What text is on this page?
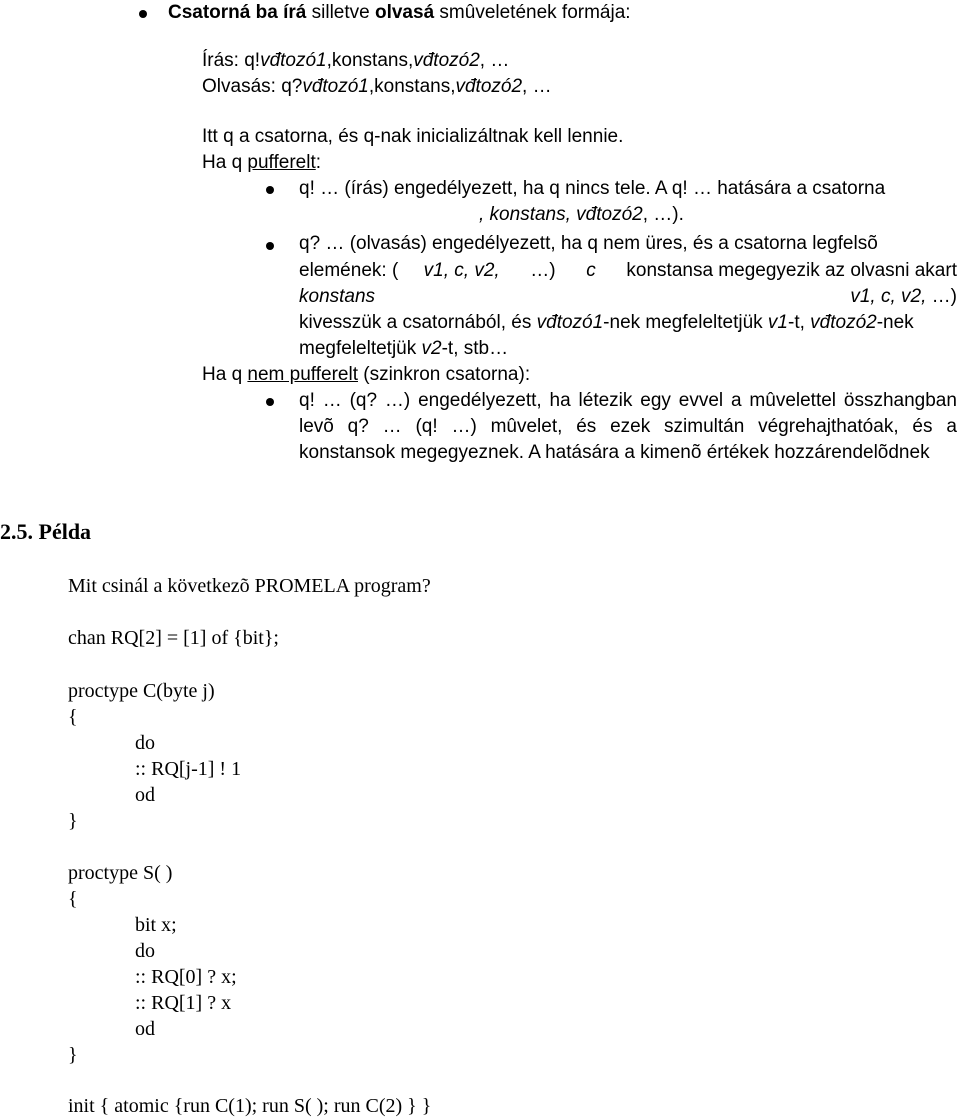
Csatorná ba írá silletve olvasá smûveletének formája:
Írás: q!vđtozó1,konstans,vđtozó2, …
Olvasás: q?vđtozó1,konstans,vđtozó2, …
Itt q a csatorna, és q-nak inicializáltnak kell lennie.
Ha q pufferelt:
q! … (írás) engedélyezett, ha q nincs tele. A q! … hatására a csatorna
, konstans, vđtozó2, …).
q? … (olvasás) engedélyezett, ha q nem üres, és a csatorna legfelsõ
elemének: ( v1, c, v2, …) c konstansa megegyezik az olvasni akart
konstans	v1, c, v2, …)
kivesszük a csatornából, és vđtozó1-nek megfeleltetjük v1-t, vđtozó2-nek
megfeleltetjük v2-t, stb…
Ha q nem pufferelt (szinkron csatorna):
q! … (q? …) engedélyezett, ha létezik egy evvel a mûvelettel összhangban
levõ q? … (q! …) mûvelet, és ezek szimultán végrehajthatóak, és a
konstansok megegyeznek. A hatására a kimenõ értékek hozzárendelõdnek
2.5. Példa
Mit csinál a következõ PROMELA program?
chan RQ[2] = [1] of {bit};
proctype C(byte j)
{
do
:: RQ[j-1] ! 1
od
}
proctype S( )
{
bit x;
do
:: RQ[0] ? x;
:: RQ[1] ? x
od
}
init { atomic {run C(1); run S( ); run C(2) } }
